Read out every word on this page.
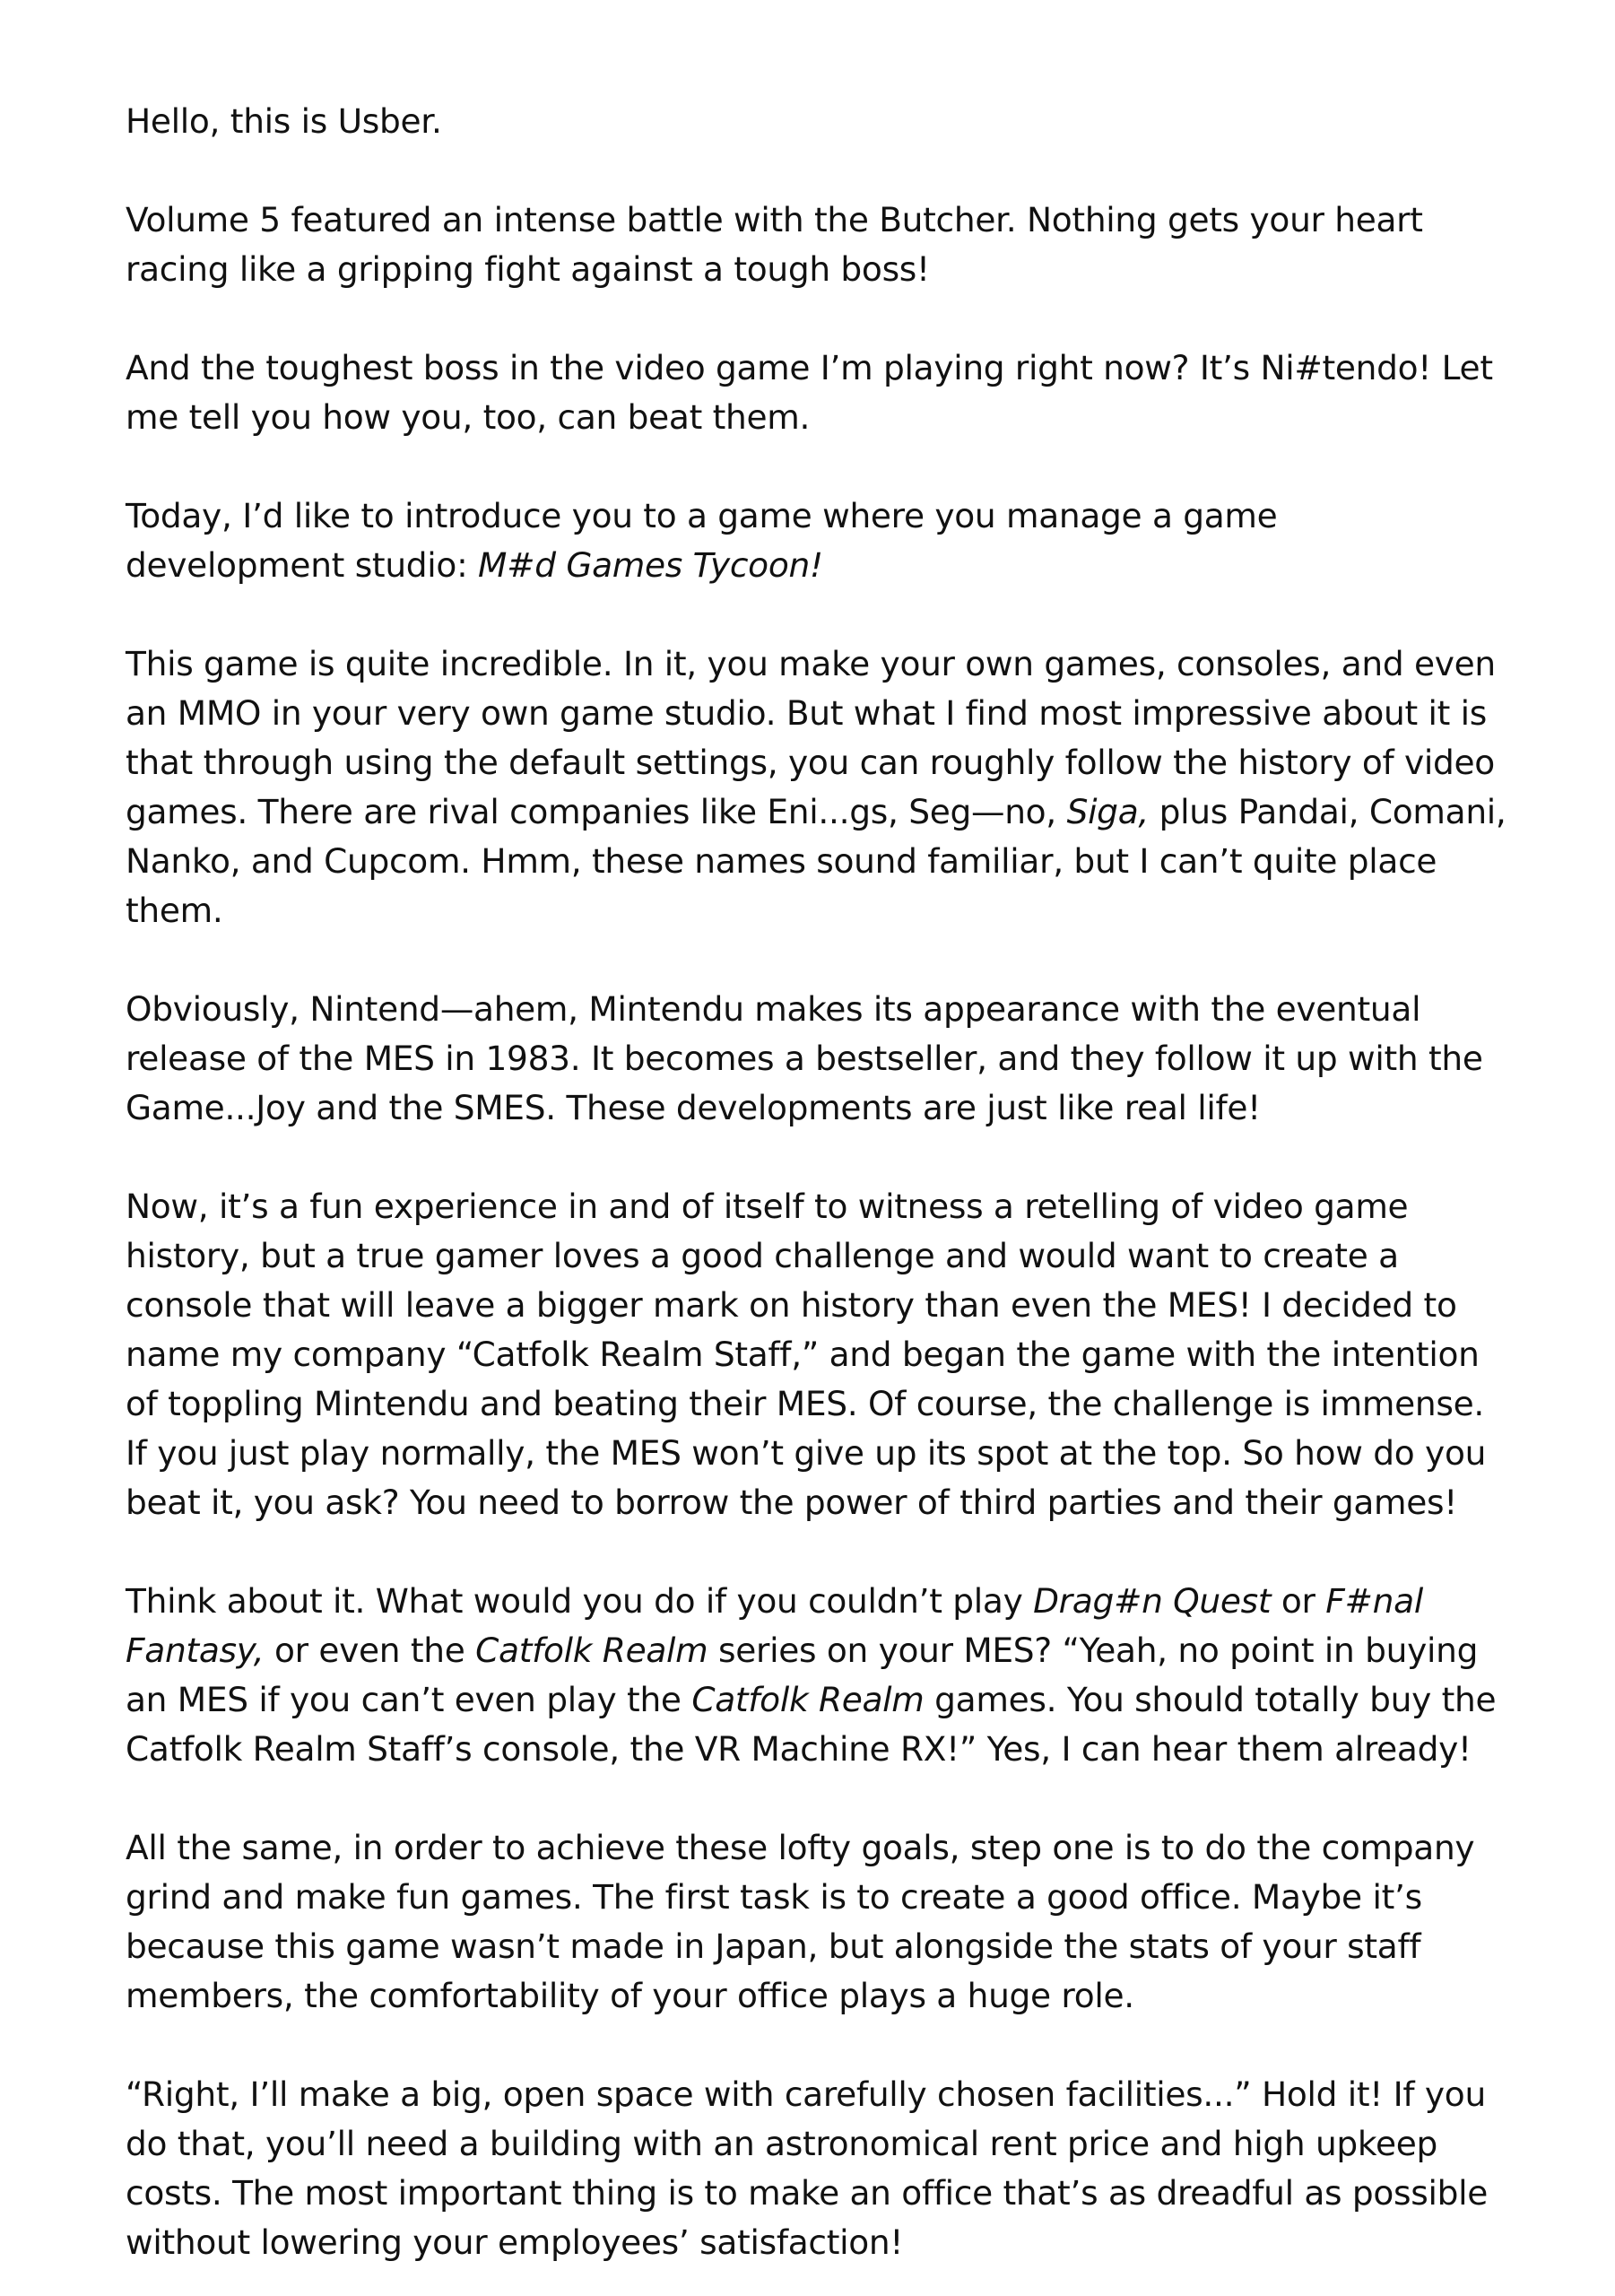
Hello, this is Usber.

Volume 5 featured an intense battle with the Butcher. Nothing gets your heart racing like a gripping fight against a tough boss!

And the toughest boss in the video game I’m playing right now? It’s Ni#tendo! Let me tell you how you, too, can beat them.

Today, I’d like to introduce you to a game where you manage a game development studio: M#d Games Tycoon!

This game is quite incredible. In it, you make your own games, consoles, and even an MMO in your very own game studio. But what I find most impressive about it is that through using the default settings, you can roughly follow the history of video games. There are rival companies like Eni...gs, Seg—no, Siga, plus Pandai, Comani, Nanko, and Cupcom. Hmm, these names sound familiar, but I can’t quite place them.

Obviously, Nintend—ahem, Mintendu makes its appearance with the eventual release of the MES in 1983. It becomes a bestseller, and they follow it up with the Game...Joy and the SMES. These developments are just like real life!

Now, it’s a fun experience in and of itself to witness a retelling of video game history, but a true gamer loves a good challenge and would want to create a console that will leave a bigger mark on history than even the MES! I decided to name my company “Catfolk Realm Staff,” and began the game with the intention of toppling Mintendu and beating their MES. Of course, the challenge is immense. If you just play normally, the MES won’t give up its spot at the top. So how do you beat it, you ask? You need to borrow the power of third parties and their games!

Think about it. What would you do if you couldn’t play Drag#n Quest or F#nal Fantasy, or even the Catfolk Realm series on your MES? “Yeah, no point in buying an MES if you can’t even play the Catfolk Realm games. You should totally buy the Catfolk Realm Staff’s console, the VR Machine RX!” Yes, I can hear them already!

All the same, in order to achieve these lofty goals, step one is to do the company grind and make fun games. The first task is to create a good office. Maybe it’s because this game wasn’t made in Japan, but alongside the stats of your staff members, the comfortability of your office plays a huge role.

“Right, I’ll make a big, open space with carefully chosen facilities...” Hold it! If you do that, you’ll need a building with an astronomical rent price and high upkeep costs. The most important thing is to make an office that’s as dreadful as possible without lowering your employees’ satisfaction!
